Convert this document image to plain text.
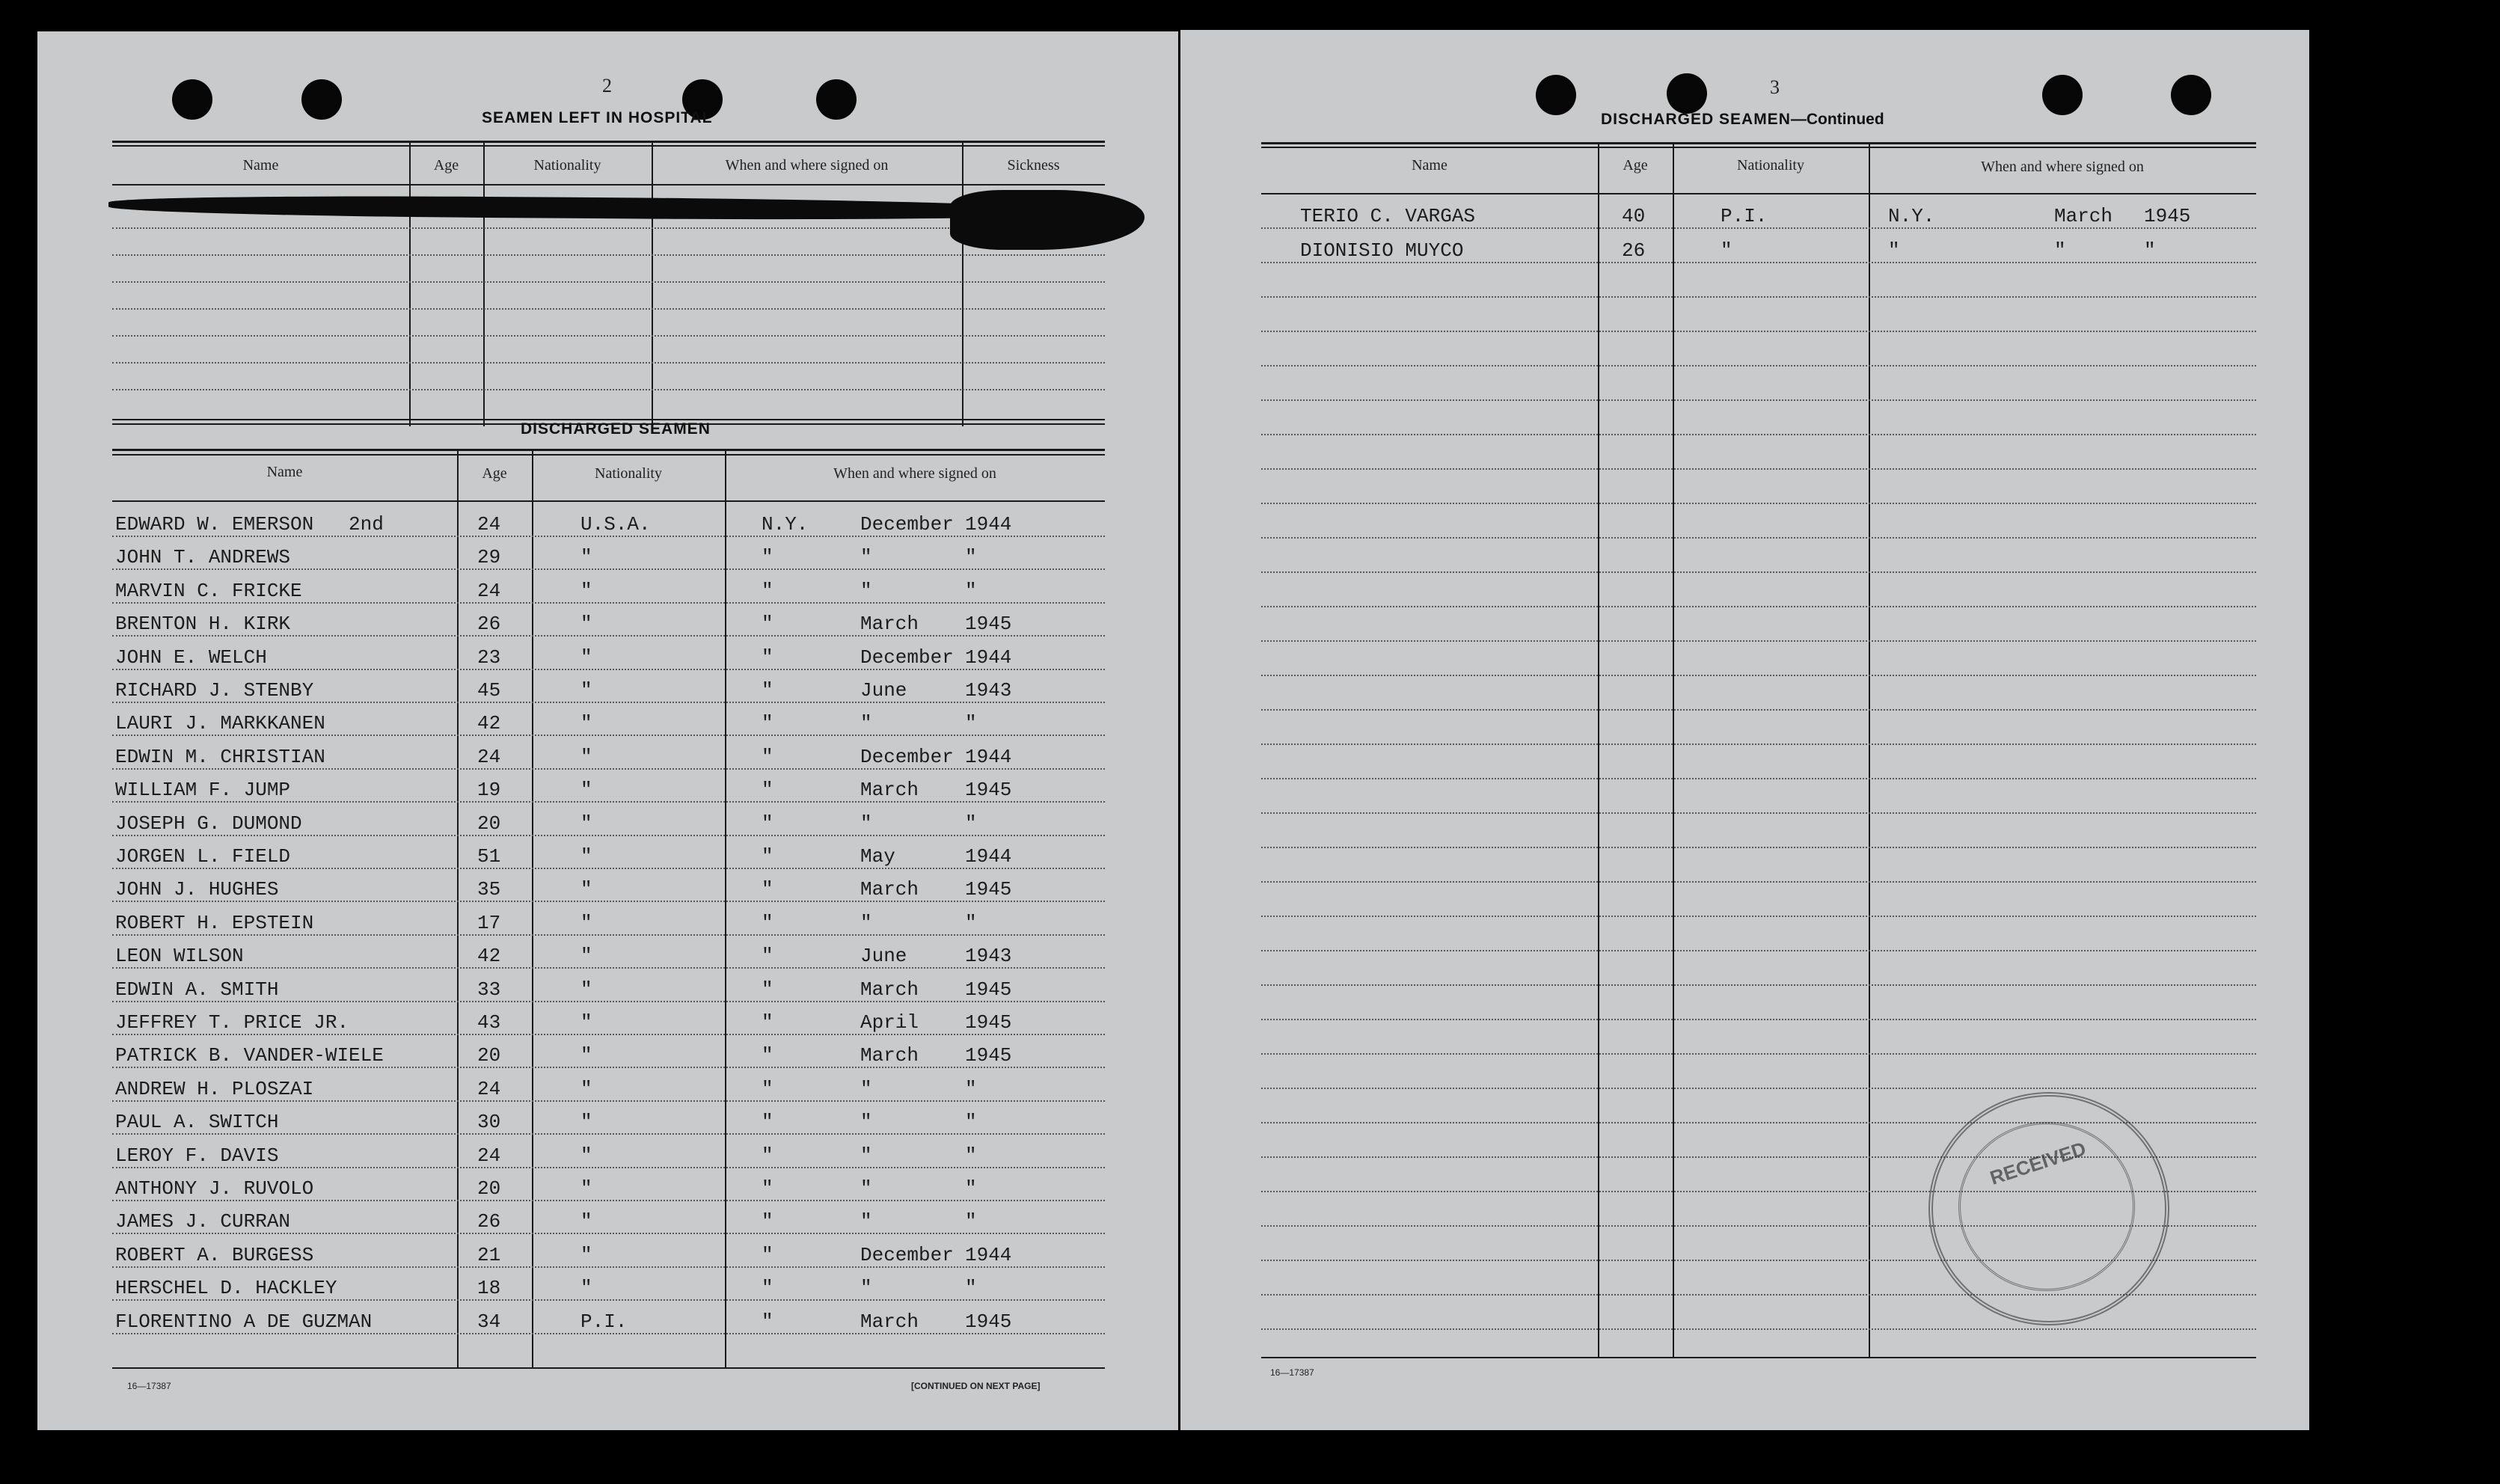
2
SEAMEN LEFT IN HOSPITAL
Name	Age	Nationality	When and where signed on	Sickness
DISCHARGED SEAMEN
Name	Age	Nationality	When and where signed on
EDWARD W. EMERSON   2nd	24	U.S.A.	N.Y.	December 1944
JOHN T. ANDREWS	29	"	"	"	"
MARVIN C. FRICKE	24	"	"	"	"
BRENTON H. KIRK	26	"	"	March 1945
JOHN E. WELCH	23	"	"	December 1944
RICHARD J. STENBY	45	"	"	June	1943
LAURI J. MARKKANEN	42	"	"	"	"
EDWIN M. CHRISTIAN	24	"	"	December 1944
WILLIAM F. JUMP	19	"	"	March 1945
JOSEPH G. DUMOND	20	"	"	"	"
JORGEN L. FIELD	51	"	"	May	1944
JOHN J. HUGHES	35	"	"	March 1945
ROBERT H. EPSTEIN	17	"	"	"	"
LEON WILSON	42	"	"	June	1943
EDWIN A. SMITH	33	"	"	March 1945
JEFFREY T. PRICE JR.	43	"	"	April 1945
PATRICK B. VANDER-WIELE	20	"	"	March 1945
ANDREW H. PLOSZAI	24	"	"	"	"
PAUL A. SWITCH	30	"	"	"	"
LEROY F. DAVIS	24	"	"	"	"
ANTHONY J. RUVOLO	20	"	"	"	"
JAMES J. CURRAN	26	"	"	"	"
ROBERT A. BURGESS	21	"	"	December 1944
HERSCHEL D. HACKLEY	18	"	"	"	"
FLORENTINO A DE GUZMAN	34	P.I.	"	March 1945
16—17387	[CONTINUED ON NEXT PAGE]
3
DISCHARGED SEAMEN—Continued
Name	Age	Nationality	When and where signed on
TERIO C. VARGAS	40	P.I.	N.Y.	March 1945
DIONISIO MUYCO	26	"	"	"	"
16—17387
RECEIVED
